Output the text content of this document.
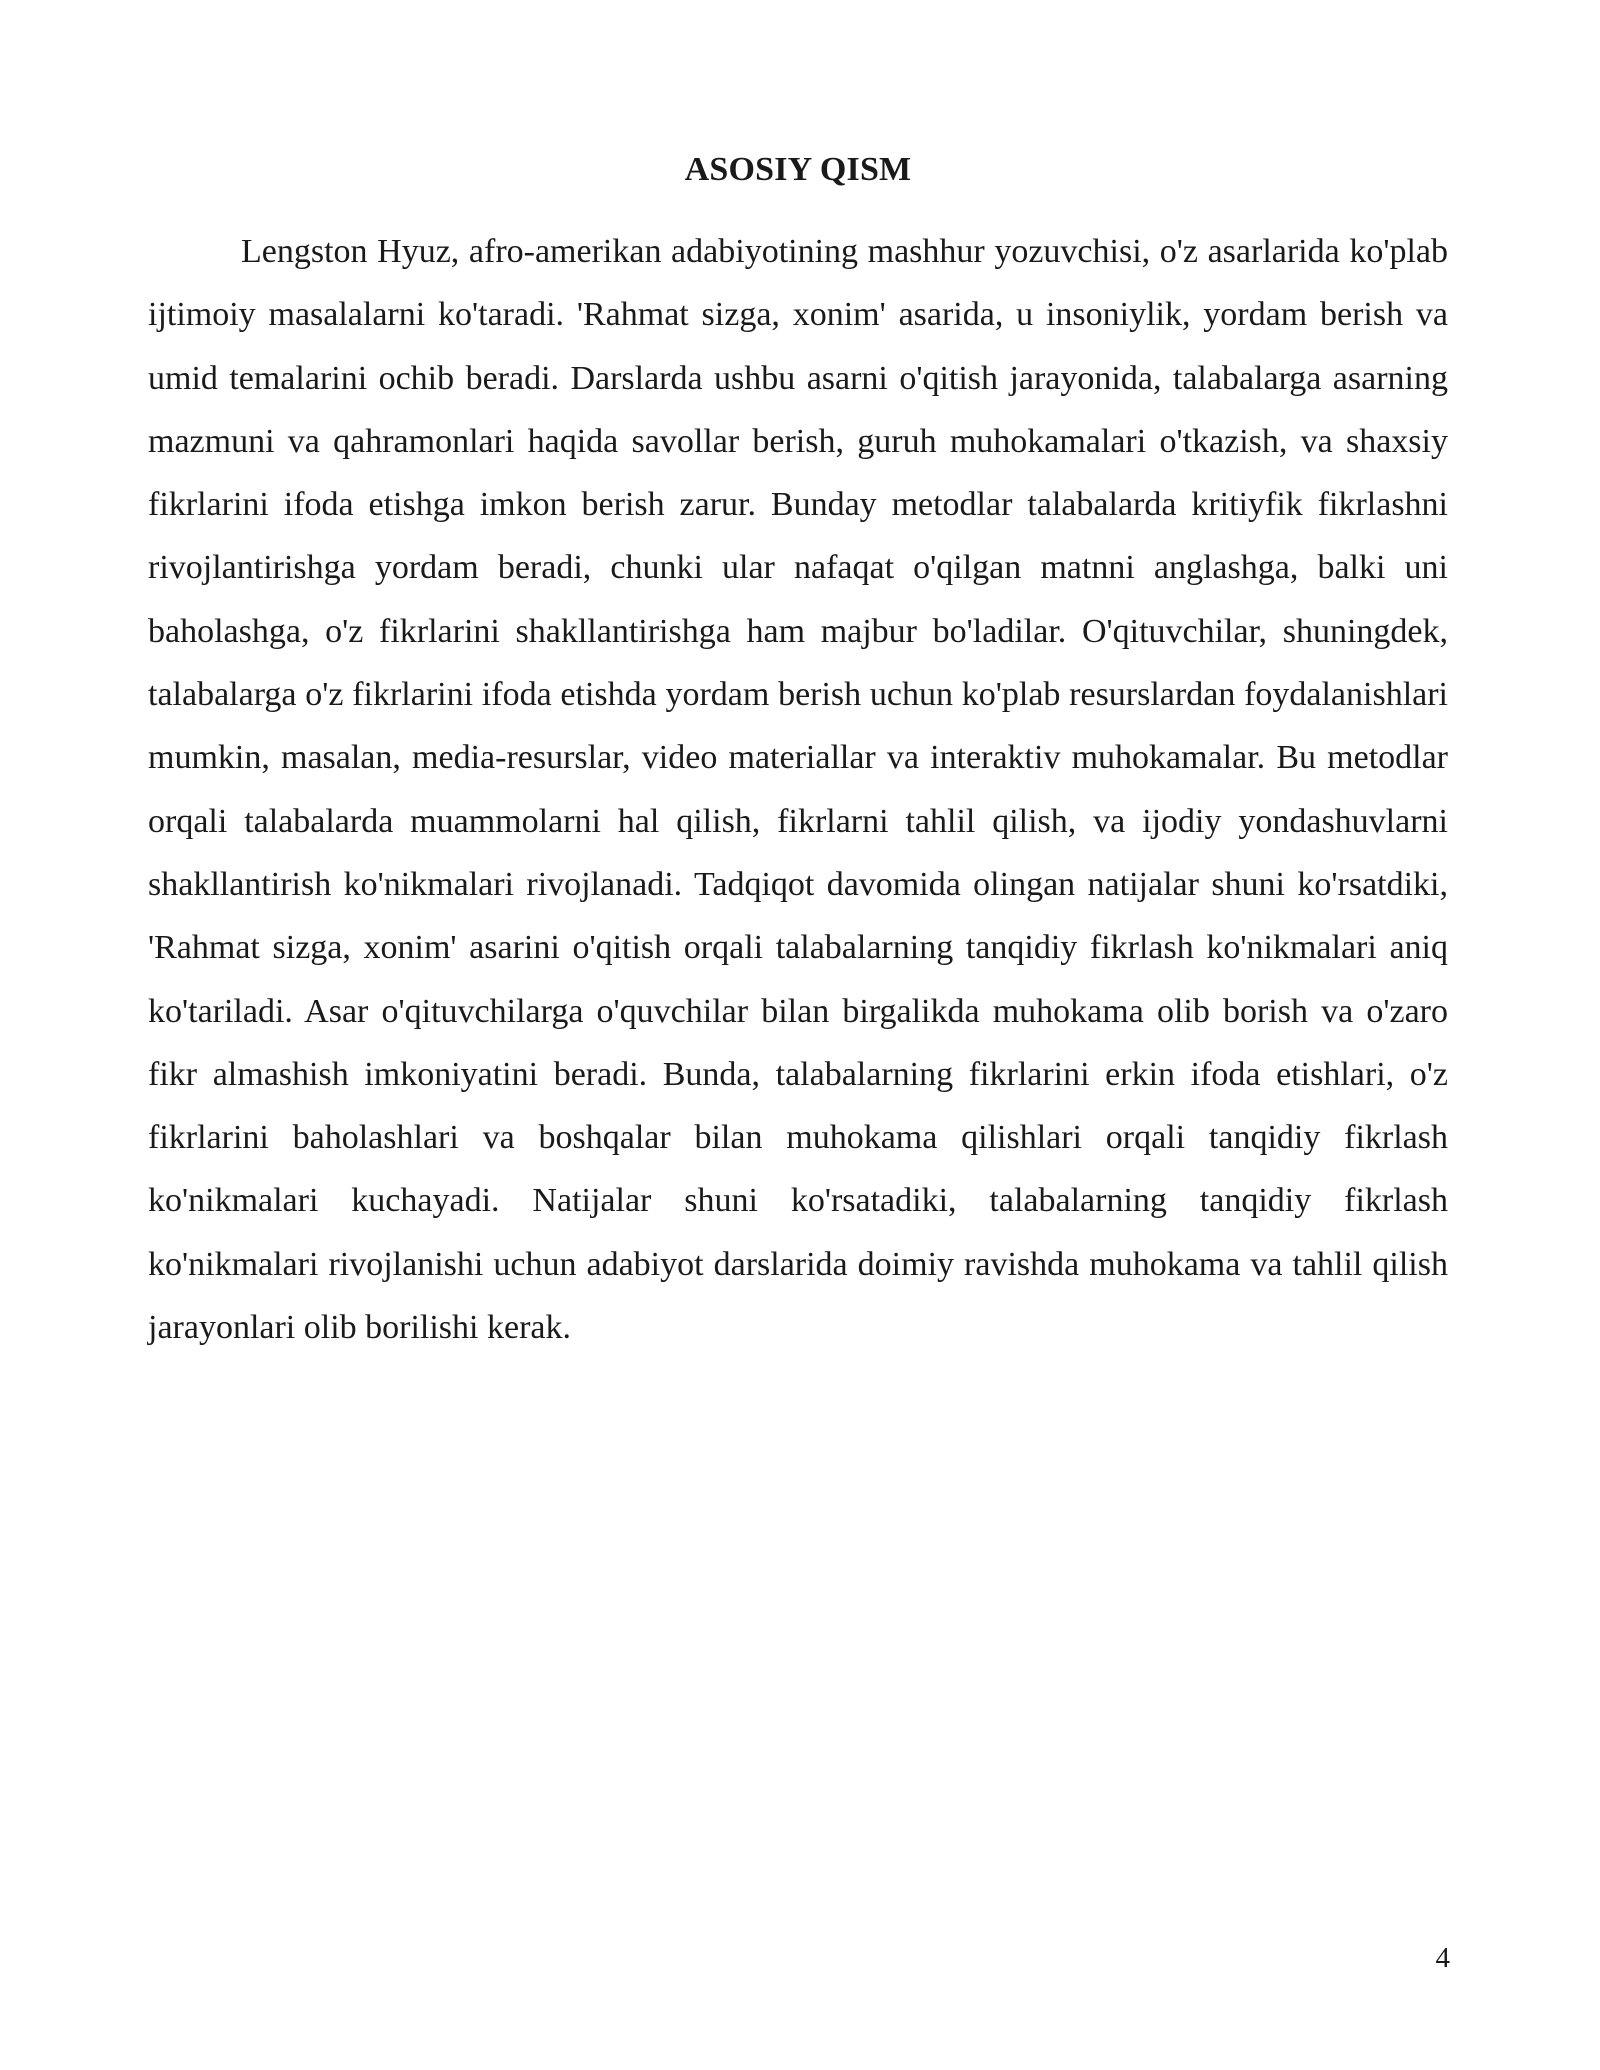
ASOSIY QISM

Lengston Hyuz, afro-amerikan adabiyotining mashhur yozuvchisi, o'z asarlarida ko'plab ijtimoiy masalalarni ko'taradi. 'Rahmat sizga, xonim' asarida, u insoniylik, yordam berish va umid temalarini ochib beradi. Darslarda ushbu asarni o'qitish jarayonida, talabalarga asarning mazmuni va qahramonlari haqida savollar berish, guruh muhokamalari o'tkazish, va shaxsiy fikrlarini ifoda etishga imkon berish zarur. Bunday metodlar talabalarda kritiyfik fikrlashni rivojlantirishga yordam beradi, chunki ular nafaqat o'qilgan matnni anglashga, balki uni baholashga, o'z fikrlarini shakllantirishga ham majbur bo'ladilar. O'qituvchilar, shuningdek, talabalarga o'z fikrlarini ifoda etishda yordam berish uchun ko'plab resurslardan foydalanishlari mumkin, masalan, media-resurslar, video materiallar va interaktiv muhokamalar. Bu metodlar orqali talabalarda muammolarni hal qilish, fikrlarni tahlil qilish, va ijodiy yondashuvlarni shakllantirish ko'nikmalari rivojlanadi. Tadqiqot davomida olingan natijalar shuni ko'rsatdiki, 'Rahmat sizga, xonim' asarini o'qitish orqali talabalarning tanqidiy fikrlash ko'nikmalari aniq ko'tariladi. Asar o'qituvchilarga o'quvchilar bilan birgalikda muhokama olib borish va o'zaro fikr almashish imkoniyatini beradi. Bunda, talabalarning fikrlarini erkin ifoda etishlari, o'z fikrlarini baholashlari va boshqalar bilan muhokama qilishlari orqali tanqidiy fikrlash ko'nikmalari kuchayadi. Natijalar shuni ko'rsatadiki, talabalarning tanqidiy fikrlash ko'nikmalari rivojlanishi uchun adabiyot darslarida doimiy ravishda muhokama va tahlil qilish jarayonlari olib borilishi kerak.

4
